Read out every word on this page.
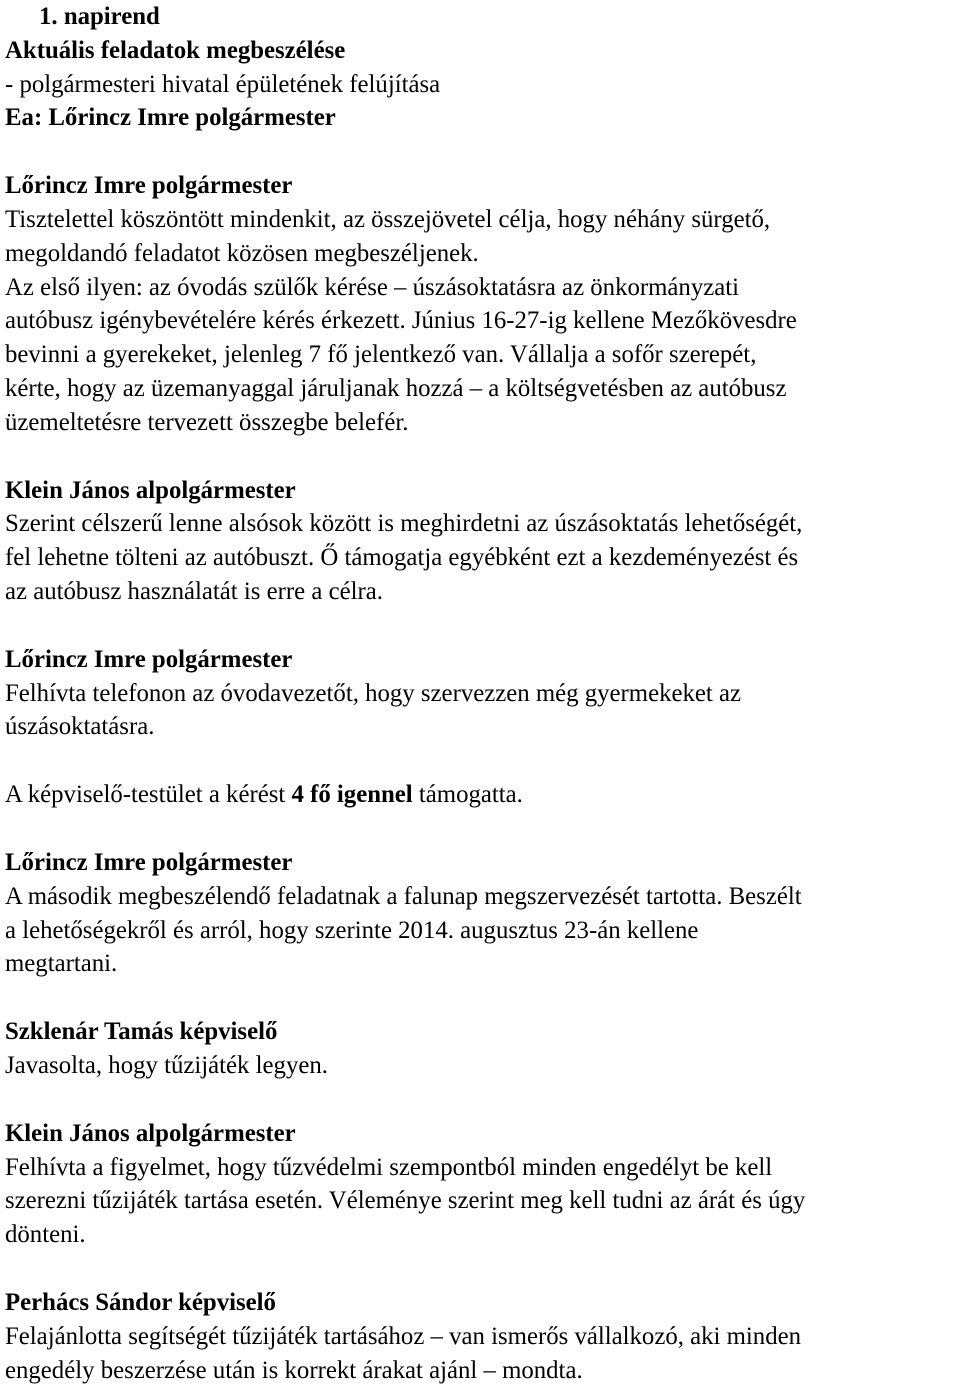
1. napirend

Aktuális feladatok megbeszélése

- polgármesteri hivatal épületének felújítása

Ea: Lőrincz Imre polgármester

Lőrincz Imre polgármester

Tisztelettel köszöntött mindenkit, az összejövetel célja, hogy néhány sürgető,
megoldandó feladatot közösen megbeszéljenek.
Az első ilyen: az óvodás szülők kérése – úszásoktatásra az önkormányzati
autóbusz igénybevételére kérés érkezett. Június 16-27-ig kellene Mezőkövesdre
bevinni a gyerekeket, jelenleg 7 fő jelentkező van. Vállalja a sofőr szerepét,
kérte, hogy az üzemanyaggal járuljanak hozzá – a költségvetésben az autóbusz
üzemeltetésre tervezett összegbe belefér.

Klein János alpolgármester

Szerint célszerű lenne alsósok között is meghirdetni az úszásoktatás lehetőségét,
fel lehetne tölteni az autóbuszt. Ő támogatja egyébként ezt a kezdeményezést és
az autóbusz használatát is erre a célra.

Lőrincz Imre polgármester

Felhívta telefonon az óvodavezetőt, hogy szervezzen még gyermekeket az
úszásoktatásra.

A képviselő-testület a kérést 4 fő igennel támogatta.

Lőrincz Imre polgármester

A második megbeszélendő feladatnak a falunap megszervezését tartotta. Beszélt
a lehetőségekről és arról, hogy szerinte 2014. augusztus 23-án kellene
megtartani.

Szklenár Tamás képviselő

Javasolta, hogy tűzijáték legyen.

Klein János alpolgármester

Felhívta a figyelmet, hogy tűzvédelmi szempontból minden engedélyt be kell
szerezni tűzijáték tartása esetén. Véleménye szerint meg kell tudni az árát és úgy
dönteni.

Perhács Sándor képviselő

Felajánlotta segítségét tűzijáték tartásához – van ismerős vállalkozó, aki minden
engedély beszerzése után is korrekt árakat ajánl – mondta.
